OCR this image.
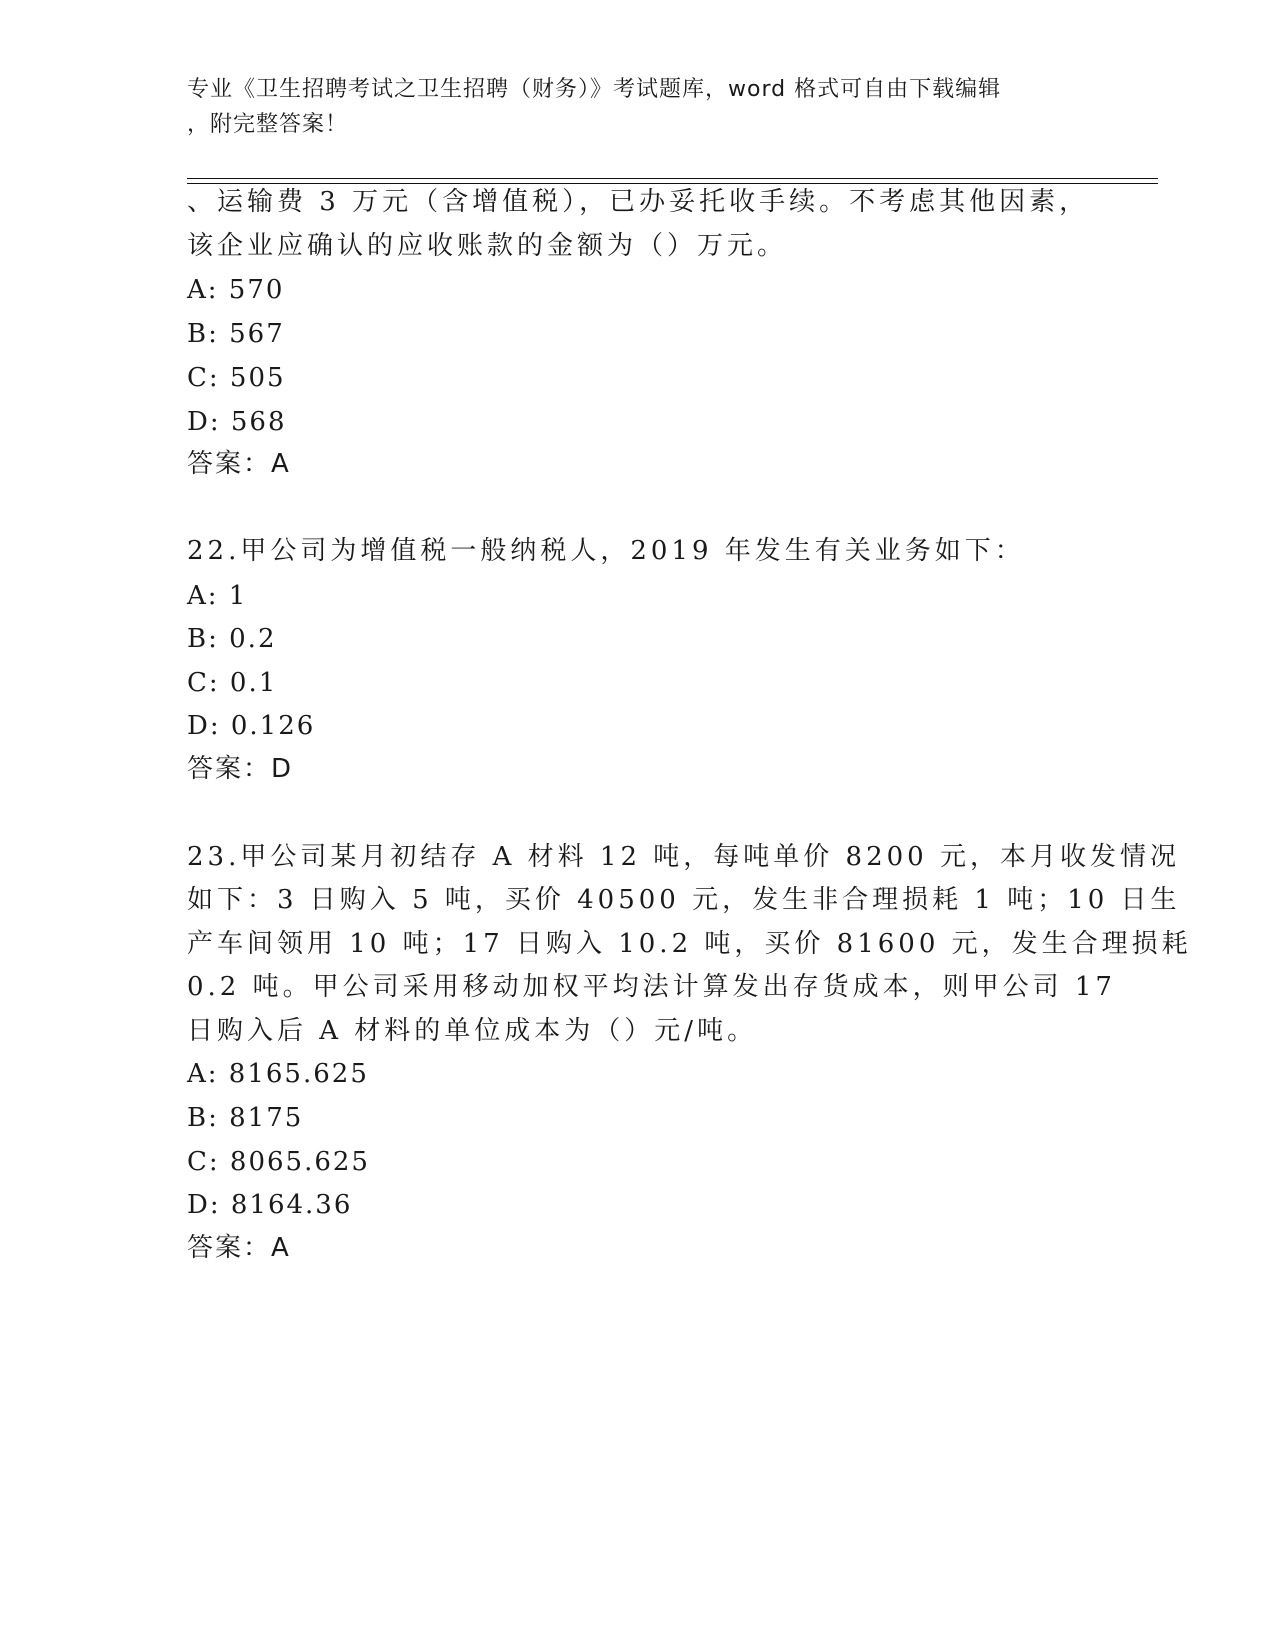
专业《卫生招聘考试之卫生招聘（财务）》考试题库，word 格式可自由下载编辑
，附完整答案！
、运输费 3 万元（含增值税），已办妥托收手续。不考虑其他因素，
该企业应确认的应收账款的金额为（）万元。
A: 570
B: 567
C: 505
D: 568
答案：A
22.甲公司为增值税一般纳税人，2019 年发生有关业务如下：
A: 1
B: 0.2
C: 0.1
D: 0.126
答案：D
23.甲公司某月初结存 A 材料 12 吨，每吨单价 8200 元，本月收发情况
如下：3 日购入 5 吨，买价 40500 元，发生非合理损耗 1 吨；10 日生
产车间领用 10 吨；17 日购入 10.2 吨，买价 81600 元，发生合理损耗
0.2 吨。甲公司采用移动加权平均法计算发出存货成本，则甲公司 17
日购入后 A 材料的单位成本为（）元/吨。
A: 8165.625
B: 8175
C: 8065.625
D: 8164.36
答案：A
